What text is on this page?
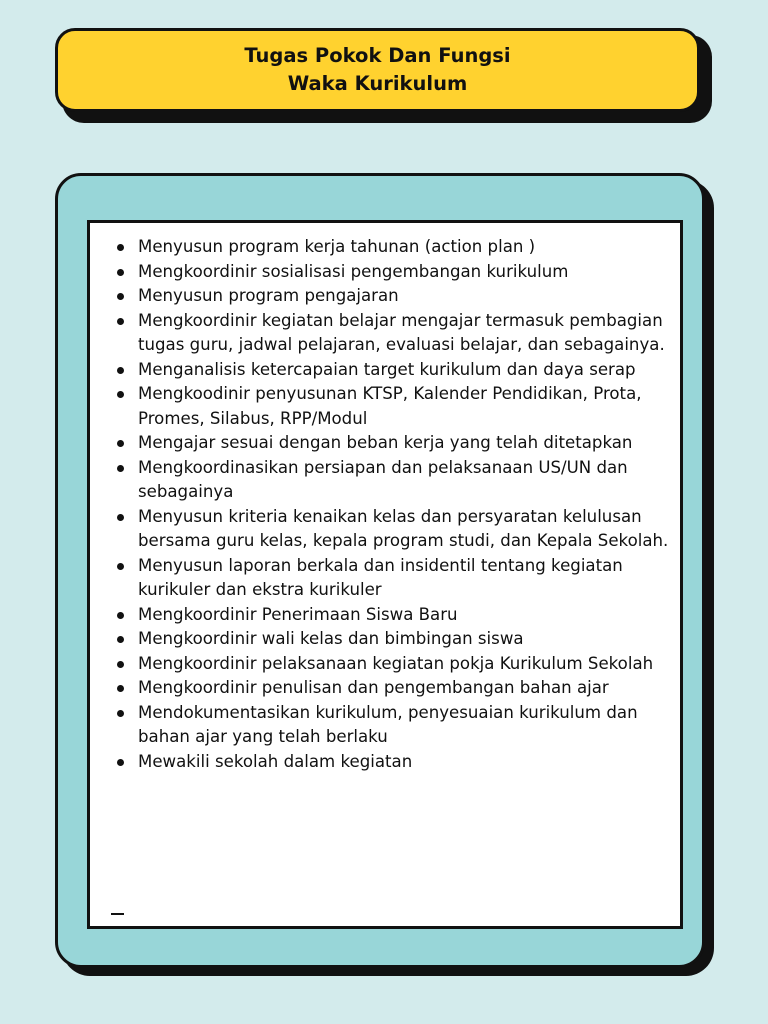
Tugas Pokok Dan Fungsi
Waka Kurikulum
Menyusun program kerja tahunan (action plan )
Mengkoordinir sosialisasi pengembangan kurikulum
Menyusun program pengajaran
Mengkoordinir kegiatan belajar mengajar termasuk pembagian tugas guru, jadwal pelajaran, evaluasi belajar, dan sebagainya.
Menganalisis ketercapaian target kurikulum dan daya serap
Mengkoodinir penyusunan KTSP, Kalender Pendidikan, Prota, Promes, Silabus, RPP/Modul
Mengajar sesuai dengan beban kerja yang telah ditetapkan
Mengkoordinasikan persiapan dan pelaksanaan US/UN dan sebagainya
Menyusun kriteria kenaikan kelas dan persyaratan kelulusan bersama guru kelas, kepala program studi, dan Kepala Sekolah.
Menyusun laporan berkala dan insidentil tentang kegiatan kurikuler dan ekstra kurikuler
Mengkoordinir Penerimaan Siswa Baru
Mengkoordinir wali kelas dan bimbingan siswa
Mengkoordinir pelaksanaan kegiatan pokja Kurikulum Sekolah
Mengkoordinir penulisan dan pengembangan bahan ajar
Mendokumentasikan kurikulum, penyesuaian kurikulum dan bahan ajar yang telah berlaku
Mewakili sekolah dalam kegiatan
